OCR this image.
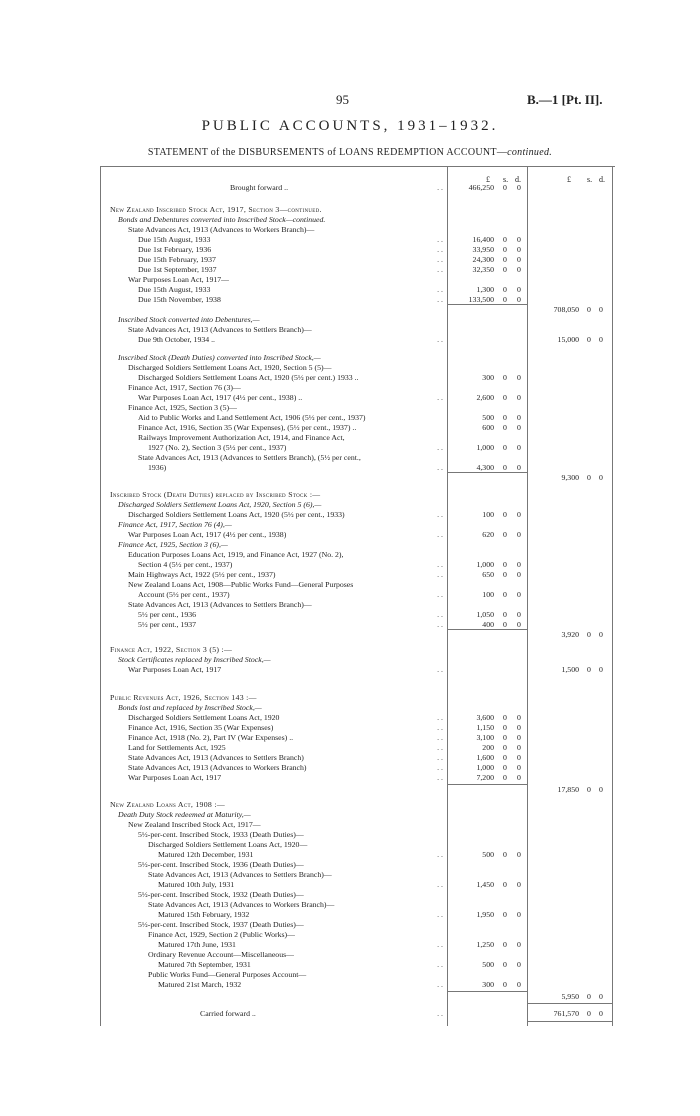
95	B.—1 [Pt. II].
PUBLIC ACCOUNTS, 1931–1932.
STATEMENT of the DISBURSEMENTS of LOANS REDEMPTION ACCOUNT—continued.
£ s. d.	£ s. d.
Brought forward ..	..	466,250	0	0
New Zealand Inscribed Stock Act, 1917, Section 3—continued.
Bonds and Debentures converted into Inscribed Stock—continued.
State Advances Act, 1913 (Advances to Workers Branch)—
Due 15th August, 1933	..	16,400	0	0
Due 1st February, 1936	..	33,950	0	0
Due 15th February, 1937	..	24,300	0	0
Due 1st September, 1937	..	32,350	0	0
War Purposes Loan Act, 1917—
Due 15th August, 1933	..	1,300	0	0
Due 15th November, 1938	..	133,500	0	0
708,050	0	0
Inscribed Stock converted into Debentures,—
State Advances Act, 1913 (Advances to Settlers Branch)—
Due 9th October, 1934 ..	..	15,000	0	0
Inscribed Stock (Death Duties) converted into Inscribed Stock,—
Discharged Soldiers Settlement Loans Act, 1920, Section 5 (5)—
Discharged Soldiers Settlement Loans Act, 1920 (5½ per cent.) 1933 ..	300	0	0
Finance Act, 1917, Section 76 (3)—
War Purposes Loan Act, 1917 (4½ per cent., 1938) ..	..	2,600	0	0
Finance Act, 1925, Section 3 (5)—
Aid to Public Works and Land Settlement Act, 1906 (5½ per cent., 1937)	500	0	0
Finance Act, 1916, Section 35 (War Expenses), (5½ per cent., 1937) ..	600	0	0
Railways Improvement Authorization Act, 1914, and Finance Act,
1927 (No. 2), Section 3 (5½ per cent., 1937)	..	1,000	0	0
State Advances Act, 1913 (Advances to Settlers Branch), (5½ per cent.,
1936)	..	4,300	0	0
9,300	0	0
Inscribed Stock (Death Duties) replaced by Inscribed Stock :—
Discharged Soldiers Settlement Loans Act, 1920, Section 5 (6),—
Discharged Soldiers Settlement Loans Act, 1920 (5½ per cent., 1933)	..	100	0	0
Finance Act, 1917, Section 76 (4),—
War Purposes Loan Act, 1917 (4½ per cent., 1938)	..	620	0	0
Finance Act, 1925, Section 3 (6),—
Education Purposes Loans Act, 1919, and Finance Act, 1927 (No. 2),
Section 4 (5½ per cent., 1937)	..	1,000	0	0
Main Highways Act, 1922 (5½ per cent., 1937)	..	650	0	0
New Zealand Loans Act, 1908—Public Works Fund—General Purposes
Account (5½ per cent., 1937)	..	100	0	0
State Advances Act, 1913 (Advances to Settlers Branch)—
5½ per cent., 1936	..	1,050	0	0
5½ per cent., 1937	..	400	0	0
3,920	0	0
Finance Act, 1922, Section 3 (5) :—
Stock Certificates replaced by Inscribed Stock,—
War Purposes Loan Act, 1917	..	1,500	0	0
Public Revenues Act, 1926, Section 143 :—
Bonds lost and replaced by Inscribed Stock,—
Discharged Soldiers Settlement Loans Act, 1920	..	3,600	0	0
Finance Act, 1916, Section 35 (War Expenses)	..	1,150	0	0
Finance Act, 1918 (No. 2), Part IV (War Expenses) ..	..	3,100	0	0
Land for Settlements Act, 1925	..	200	0	0
State Advances Act, 1913 (Advances to Settlers Branch)	..	1,600	0	0
State Advances Act, 1913 (Advances to Workers Branch)	..	1,000	0	0
War Purposes Loan Act, 1917	..	7,200	0	0
17,850	0	0
New Zealand Loans Act, 1908 :—
Death Duty Stock redeemed at Maturity,—
New Zealand Inscribed Stock Act, 1917—
5½-per-cent. Inscribed Stock, 1933 (Death Duties)—
Discharged Soldiers Settlement Loans Act, 1920—
Matured 12th December, 1931	..	500	0	0
5½-per-cent. Inscribed Stock, 1936 (Death Duties)—
State Advances Act, 1913 (Advances to Settlers Branch)—
Matured 10th July, 1931	..	1,450	0	0
5½-per-cent. Inscribed Stock, 1932 (Death Duties)—
State Advances Act, 1913 (Advances to Workers Branch)—
Matured 15th February, 1932	..	1,950	0	0
5½-per-cent. Inscribed Stock, 1937 (Death Duties)—
Finance Act, 1929, Section 2 (Public Works)—
Matured 17th June, 1931	..	1,250	0	0
Ordinary Revenue Account—Miscellaneous—
Matured 7th September, 1931	..	500	0	0
Public Works Fund—General Purposes Account—
Matured 21st March, 1932	..	300	0	0
5,950	0	0
Carried forward ..	..	761,570	0	0
